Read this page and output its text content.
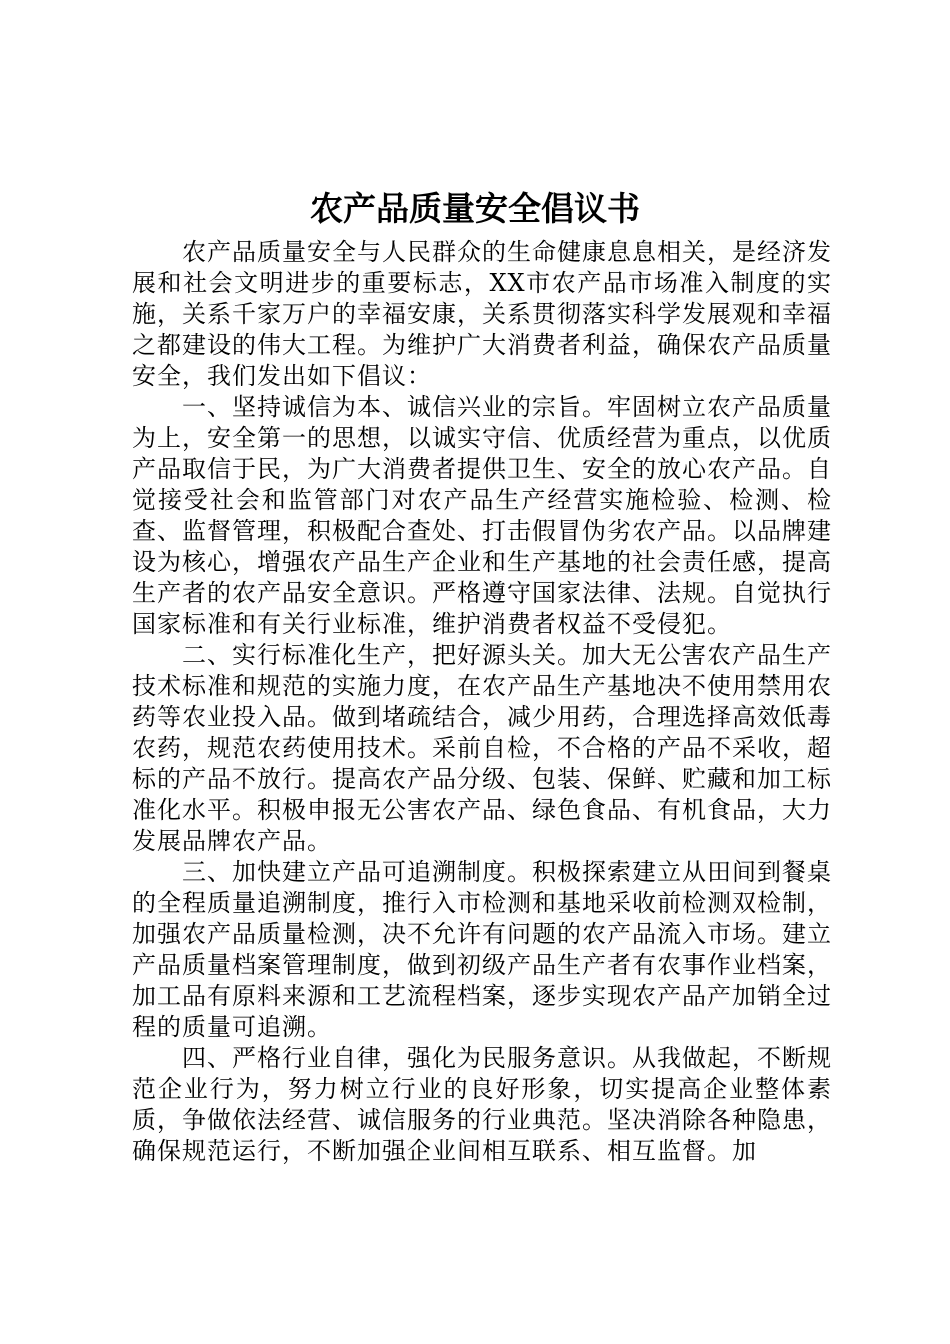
农产品质量安全倡议书

农产品质量安全与人民群众的生命健康息息相关，是经济发展和社会文明进步的重要标志，XX市农产品市场准入制度的实施，关系千家万户的幸福安康，关系贯彻落实科学发展观和幸福之都建设的伟大工程。为维护广大消费者利益，确保农产品质量安全，我们发出如下倡议：

一、坚持诚信为本、诚信兴业的宗旨。牢固树立农产品质量为上，安全第一的思想，以诚实守信、优质经营为重点，以优质产品取信于民，为广大消费者提供卫生、安全的放心农产品。自觉接受社会和监管部门对农产品生产经营实施检验、检测、检查、监督管理，积极配合查处、打击假冒伪劣农产品。以品牌建设为核心，增强农产品生产企业和生产基地的社会责任感，提高生产者的农产品安全意识。严格遵守国家法律、法规。自觉执行国家标准和有关行业标准，维护消费者权益不受侵犯。

二、实行标准化生产，把好源头关。加大无公害农产品生产技术标准和规范的实施力度，在农产品生产基地决不使用禁用农药等农业投入品。做到堵疏结合，减少用药，合理选择高效低毒农药，规范农药使用技术。采前自检，不合格的产品不采收，超标的产品不放行。提高农产品分级、包装、保鲜、贮藏和加工标准化水平。积极申报无公害农产品、绿色食品、有机食品，大力发展品牌农产品。

三、加快建立产品可追溯制度。积极探索建立从田间到餐桌的全程质量追溯制度，推行入市检测和基地采收前检测双检制，加强农产品质量检测，决不允许有问题的农产品流入市场。建立产品质量档案管理制度，做到初级产品生产者有农事作业档案，加工品有原料来源和工艺流程档案，逐步实现农产品产加销全过程的质量可追溯。

四、严格行业自律，强化为民服务意识。从我做起，不断规范企业行为，努力树立行业的良好形象，切实提高企业整体素质，争做依法经营、诚信服务的行业典范。坚决消除各种隐患，确保规范运行，不断加强企业间相互联系、相互监督。加
